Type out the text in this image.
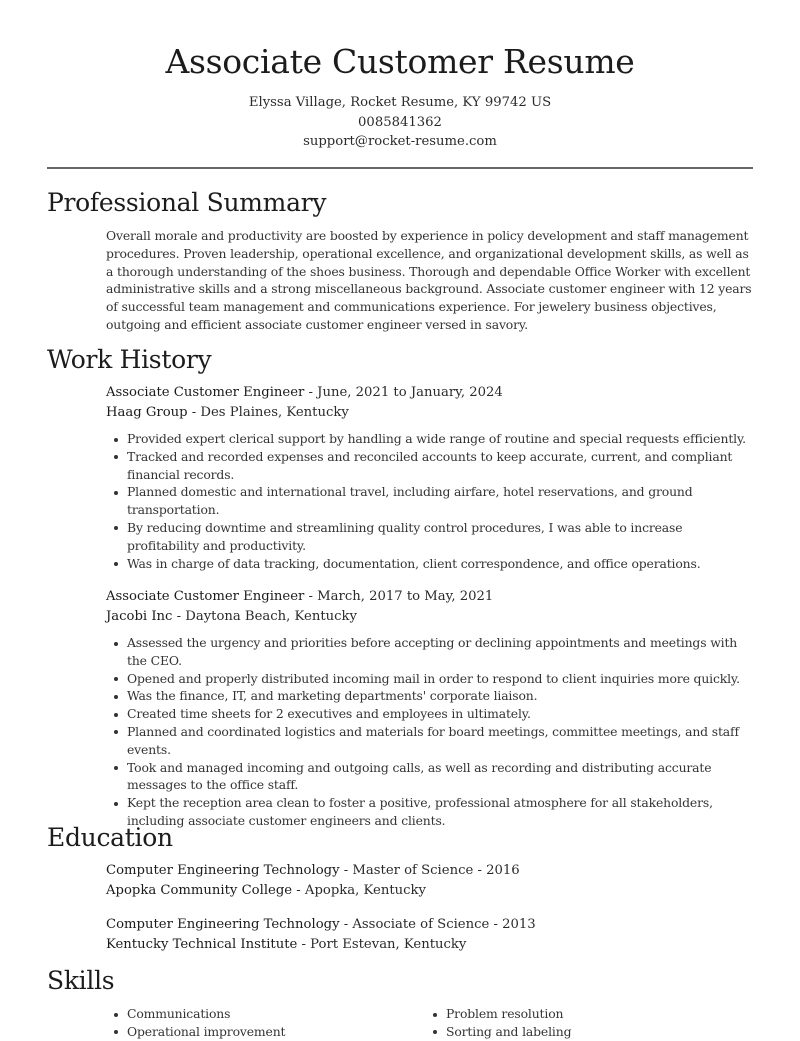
Associate Customer Resume
Elyssa Village, Rocket Resume, KY 99742 US
0085841362
support@rocket-resume.com
Professional Summary

Overall morale and productivity are boosted by experience in policy development and staff management procedures. Proven leadership, operational excellence, and organizational development skills, as well as a thorough understanding of the shoes business. Thorough and dependable Office Worker with excellent administrative skills and a strong miscellaneous background. Associate customer engineer with 12 years of successful team management and communications experience. For jewelery business objectives, outgoing and efficient associate customer engineer versed in savory.

Work History
Associate Customer Engineer - June, 2021 to January, 2024
Haag Group - Des Plaines, Kentucky
Provided expert clerical support by handling a wide range of routine and special requests efficiently.
Tracked and recorded expenses and reconciled accounts to keep accurate, current, and compliant financial records.
Planned domestic and international travel, including airfare, hotel reservations, and ground transportation.
By reducing downtime and streamlining quality control procedures, I was able to increase profitability and productivity.
Was in charge of data tracking, documentation, client correspondence, and office operations.
Associate Customer Engineer - March, 2017 to May, 2021
Jacobi Inc - Daytona Beach, Kentucky
Assessed the urgency and priorities before accepting or declining appointments and meetings with the CEO.
Opened and properly distributed incoming mail in order to respond to client inquiries more quickly.
Was the finance, IT, and marketing departments' corporate liaison.
Created time sheets for 2 executives and employees in ultimately.
Planned and coordinated logistics and materials for board meetings, committee meetings, and staff events.
Took and managed incoming and outgoing calls, as well as recording and distributing accurate messages to the office staff.
Kept the reception area clean to foster a positive, professional atmosphere for all stakeholders, including associate customer engineers and clients.
Education
Computer Engineering Technology - Master of Science - 2016
Apopka Community College - Apopka, Kentucky
Computer Engineering Technology - Associate of Science - 2013
Kentucky Technical Institute - Port Estevan, Kentucky
Skills
Communications
Operational improvement
Problem resolution
Sorting and labeling
